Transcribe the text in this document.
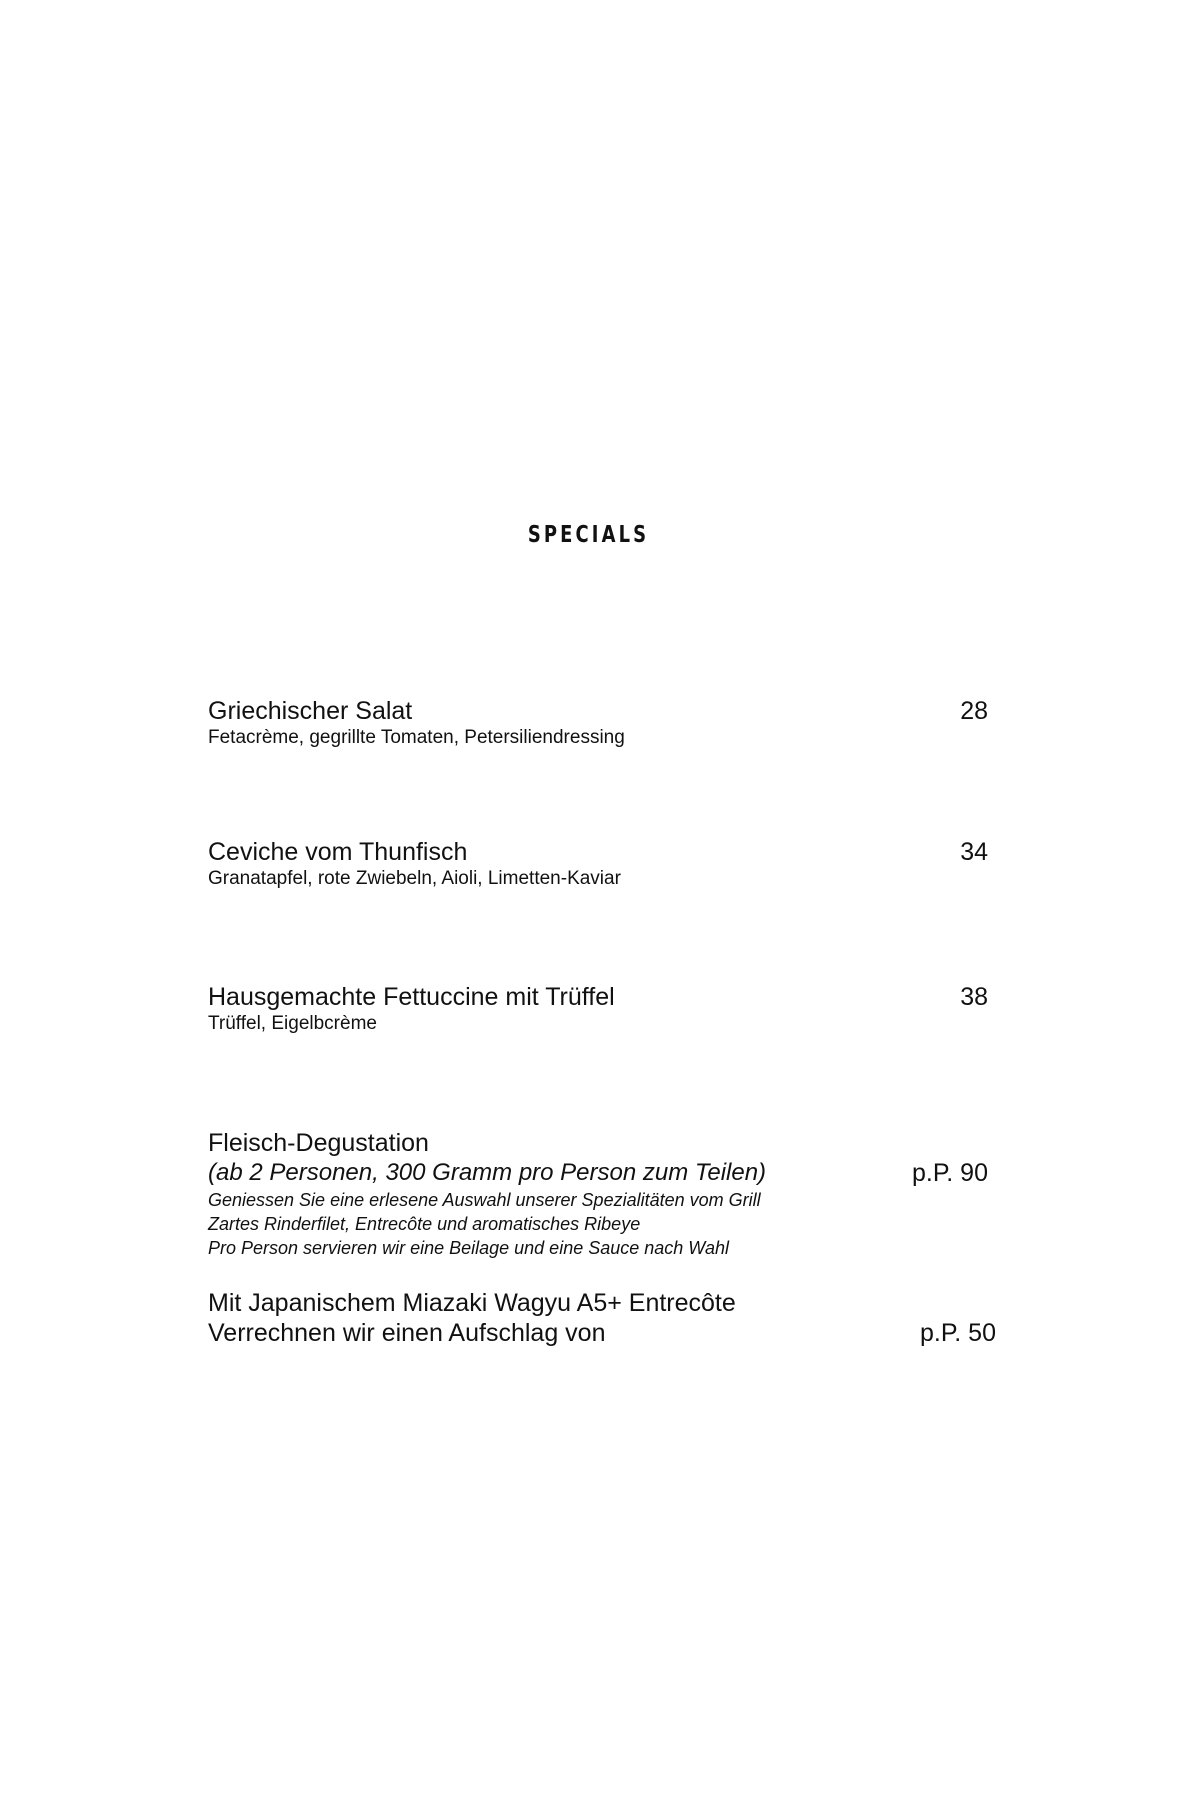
SPECIALS
Griechischer Salat
Fetacrème, gegrillte Tomaten, Petersiliendressing
28
Ceviche vom Thunfisch
Granatapfel, rote Zwiebeln, Aioli, Limetten-Kaviar
34
Hausgemachte Fettuccine mit Trüffel
Trüffel, Eigelbcrème
38
Fleisch-Degustation
(ab 2 Personen, 300 Gramm pro Person zum Teilen)	p.P. 90
Geniessen Sie eine erlesene Auswahl unserer Spezialitäten vom Grill
Zartes Rinderfilet, Entrecôte und aromatisches Ribeye
Pro Person servieren wir eine Beilage und eine Sauce nach Wahl
Mit Japanischem Miazaki Wagyu A5+ Entrecôte
Verrechnen wir einen Aufschlag von	p.P. 50
